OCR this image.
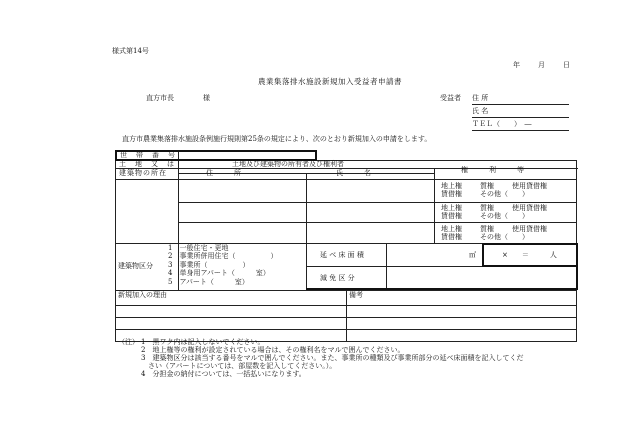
様式第14号
年	月	日
農業集落排水施設新規加入受益者申請書
直方市長	様	受益者 住 所
氏 名
ＴＥＬ（　　）　―
直方市農業集落排水施設条例施行規則第25条の規定により、次のとおり新規加入の申請をします。
世　帯　番　号
土　地　又　は
建築物の所在
土地及び建築物の所有者及び権利者
住　　　所	氏　　　名	権　　　利　　　等
地上権	質権	使用貸借権
賃借権	その他（　　）
地上権	質権	使用貸借権
賃借権	その他（　　）
地上権	質権	使用貸借権
賃借権	その他（　　）
建築物区分
1　一般住宅・更地
2　事業所併用住宅（　　　　　）
3　事業所（　　　　　）
4　単身用アパート（　　　室）
5　アパート（　　　室）
延 べ 床 面 積	㎡	×　　＝　　　人
減 免 区 分
新規加入の理由	備考
（注） 1　黒ワク内は記入しないでください。
2　地上権等の権利が設定されている場合は、その権利名をマルで囲んでください。
3　建築物区分は該当する番号をマルで囲んでください。また、事業所の種類及び事業所部分の延べ床面積を記入してくだ
さい（アパートについては、部屋数を記入してください。）。
4　分担金の納付については、一括払いになります。
